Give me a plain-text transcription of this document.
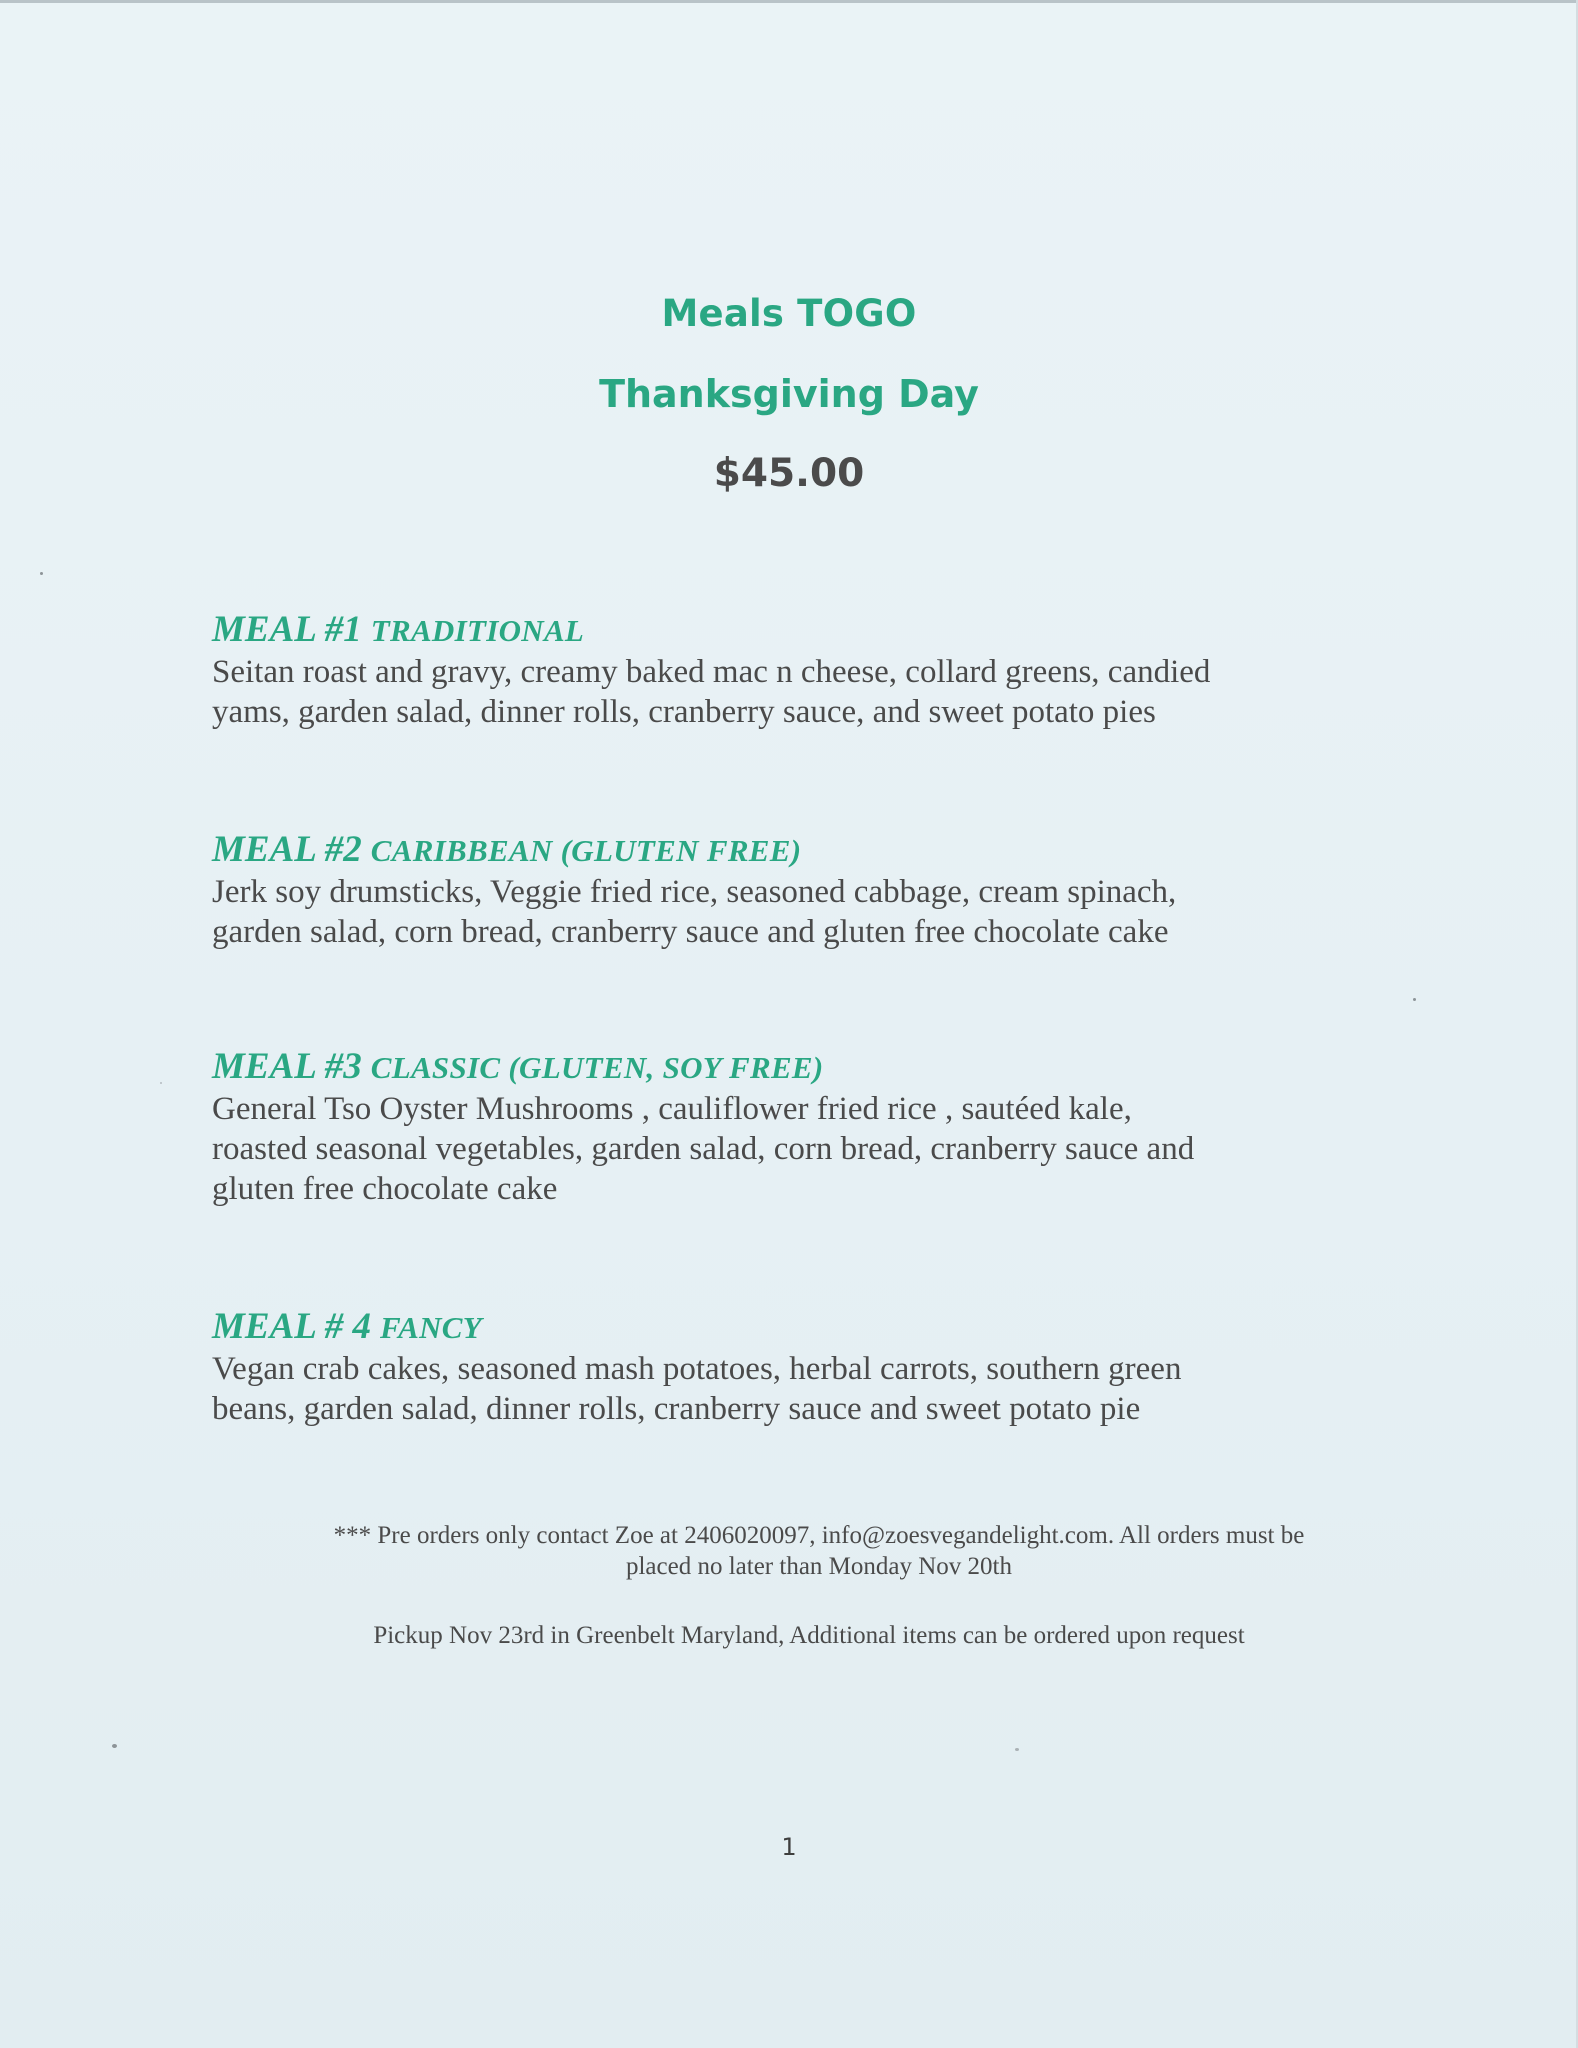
Meals TOGO
Thanksgiving Day
$45.00
MEAL #1 TRADITIONAL
Seitan roast and gravy, creamy baked mac n cheese, collard greens, candied
yams, garden salad, dinner rolls, cranberry sauce, and sweet potato pies
MEAL #2 CARIBBEAN (GLUTEN FREE)
Jerk soy drumsticks, Veggie fried rice, seasoned cabbage, cream spinach,
garden salad, corn bread, cranberry sauce and gluten free chocolate cake
MEAL #3 CLASSIC (GLUTEN, SOY FREE)
General Tso Oyster Mushrooms , cauliflower fried rice , sautéed kale,
roasted seasonal vegetables, garden salad, corn bread, cranberry sauce and
gluten free chocolate cake
MEAL # 4 FANCY
Vegan crab cakes, seasoned mash potatoes, herbal carrots, southern green
beans, garden salad, dinner rolls, cranberry sauce and sweet potato pie
*** Pre orders only contact Zoe at 2406020097, info@zoesvegandelight.com. All orders must be
placed no later than Monday Nov 20th
Pickup Nov 23rd in Greenbelt Maryland, Additional items can be ordered upon request
1
